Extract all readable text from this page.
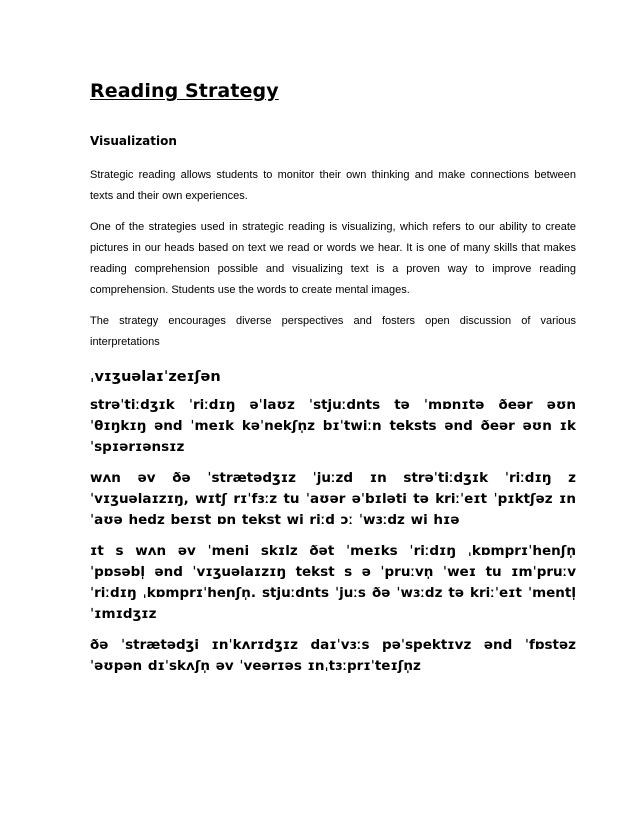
Reading Strategy
Visualization

Strategic reading allows students to monitor their own thinking and make connections between texts and their own experiences.

One of the strategies used in strategic reading is visualizing, which refers to our ability to create pictures in our heads based on text we read or words we hear. It is one of many skills that makes reading comprehension possible and visualizing text is a proven way to improve reading comprehension. Students use the words to create mental images.

The strategy encourages diverse perspectives and fosters open discussion of various interpretations

ˌvɪʒuəlaɪˈzeɪʃən

strəˈtiːdʒɪk ˈriːdɪŋ əˈlaʊz ˈstjuːdnts tə ˈmɒnɪtə ðeər əʊn ˈθɪŋkɪŋ ənd ˈmeɪk kəˈnekʃn̩z bɪˈtwiːn teksts ənd ðeər əʊn ɪkˈspɪərɪənsɪz

wʌn əv ðə ˈstrætədʒɪz ˈjuːzd ɪn strəˈtiːdʒɪk ˈriːdɪŋ z ˈvɪʒuəlaɪzɪŋ, wɪtʃ rɪˈfɜːz tu ˈaʊər əˈbɪləti tə kriːˈeɪt ˈpɪktʃəz ɪn ˈaʊə hedz beɪst ɒn tekst wi riːd ɔː ˈwɜːdz wi hɪə

ɪt s wʌn əv ˈmeni skɪlz ðət ˈmeɪks ˈriːdɪŋ ˌkɒmprɪˈhenʃn̩ ˈpɒsəbl̩ ənd ˈvɪʒuəlaɪzɪŋ tekst s ə ˈpruːvn̩ ˈweɪ tu ɪmˈpruːv ˈriːdɪŋ ˌkɒmprɪˈhenʃn̩. stjuːdnts ˈjuːs ðə ˈwɜːdz tə kriːˈeɪt ˈmentl̩ ˈɪmɪdʒɪz

ðə ˈstrætədʒi ɪnˈkʌrɪdʒɪz daɪˈvɜːs pəˈspektɪvz ənd ˈfɒstəz ˈəʊpən dɪˈskʌʃn̩ əv ˈveərɪəs ɪnˌtɜːprɪˈteɪʃn̩z
